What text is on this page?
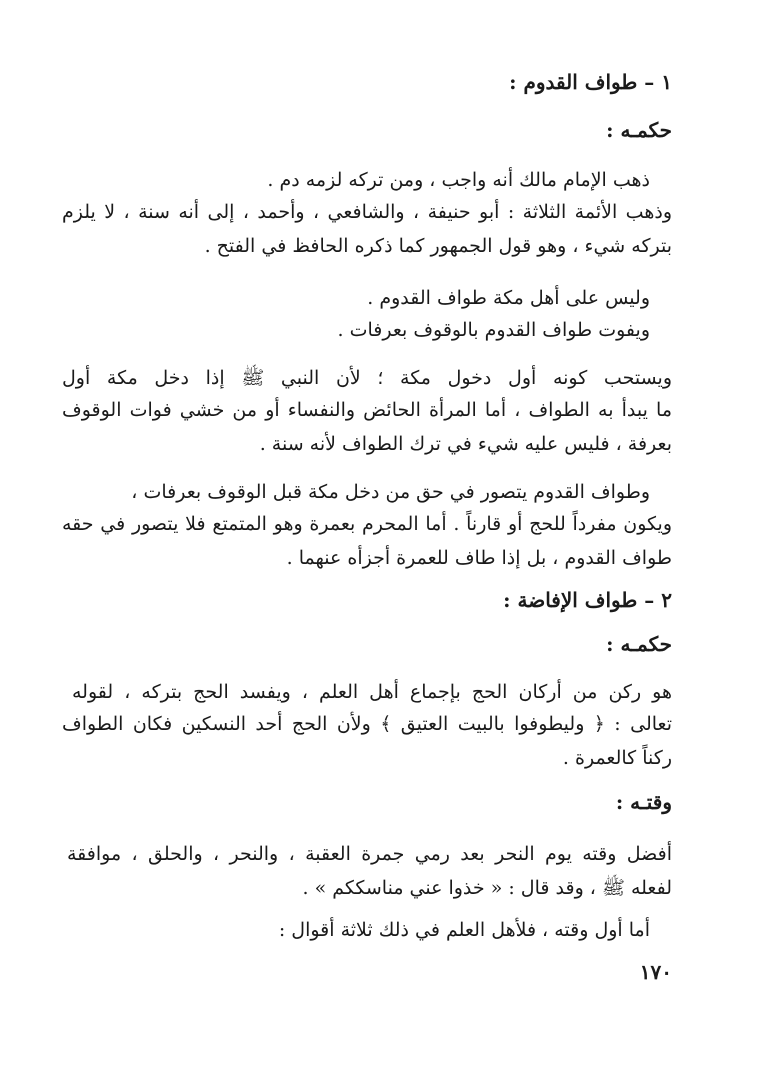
١ – طواف القدوم :
حكمـه :
ذهب الإمام مالك أنه واجب ، ومن تركه لزمه دم .
وذهب الأئمة الثلاثة : أبو حنيفة ، والشافعي ، وأحمد ، إلى أنه سنة ، لا يلزم
بتركه شيء ، وهو قول الجمهور كما ذكره الحافظ في الفتح .
وليس على أهل مكة طواف القدوم .
ويفوت طواف القدوم بالوقوف بعرفات .
ويستحب كونه أول دخول مكة ؛ لأن النبي ﷺ إذا دخل مكة أول
ما يبدأ به الطواف ، أما المرأة الحائض والنفساء أو من خشي فوات الوقوف
بعرفة ، فليس عليه شيء في ترك الطواف لأنه سنة .
وطواف القدوم يتصور في حق من دخل مكة قبل الوقوف بعرفات ،
ويكون مفرداً للحج أو قارناً . أما المحرم بعمرة وهو المتمتع فلا يتصور في حقه
طواف القدوم ، بل إذا طاف للعمرة أجزأه عنهما .
٢ – طواف الإفاضة :
حكمـه :
هو ركن من أركان الحج بإجماع أهل العلم ، ويفسد الحج بتركه ، لقوله
تعالى : ﴿ وليطوفوا بالبيت العتيق ﴾ ولأن الحج أحد النسكين فكان الطواف
ركناً كالعمرة .
وقتـه :
أفضل وقته يوم النحر بعد رمي جمرة العقبة ، والنحر ، والحلق ، موافقة
لفعله ﷺ ، وقد قال : « خذوا عني مناسككم » .
أما أول وقته ، فلأهل العلم في ذلك ثلاثة أقوال :
١٧٠
